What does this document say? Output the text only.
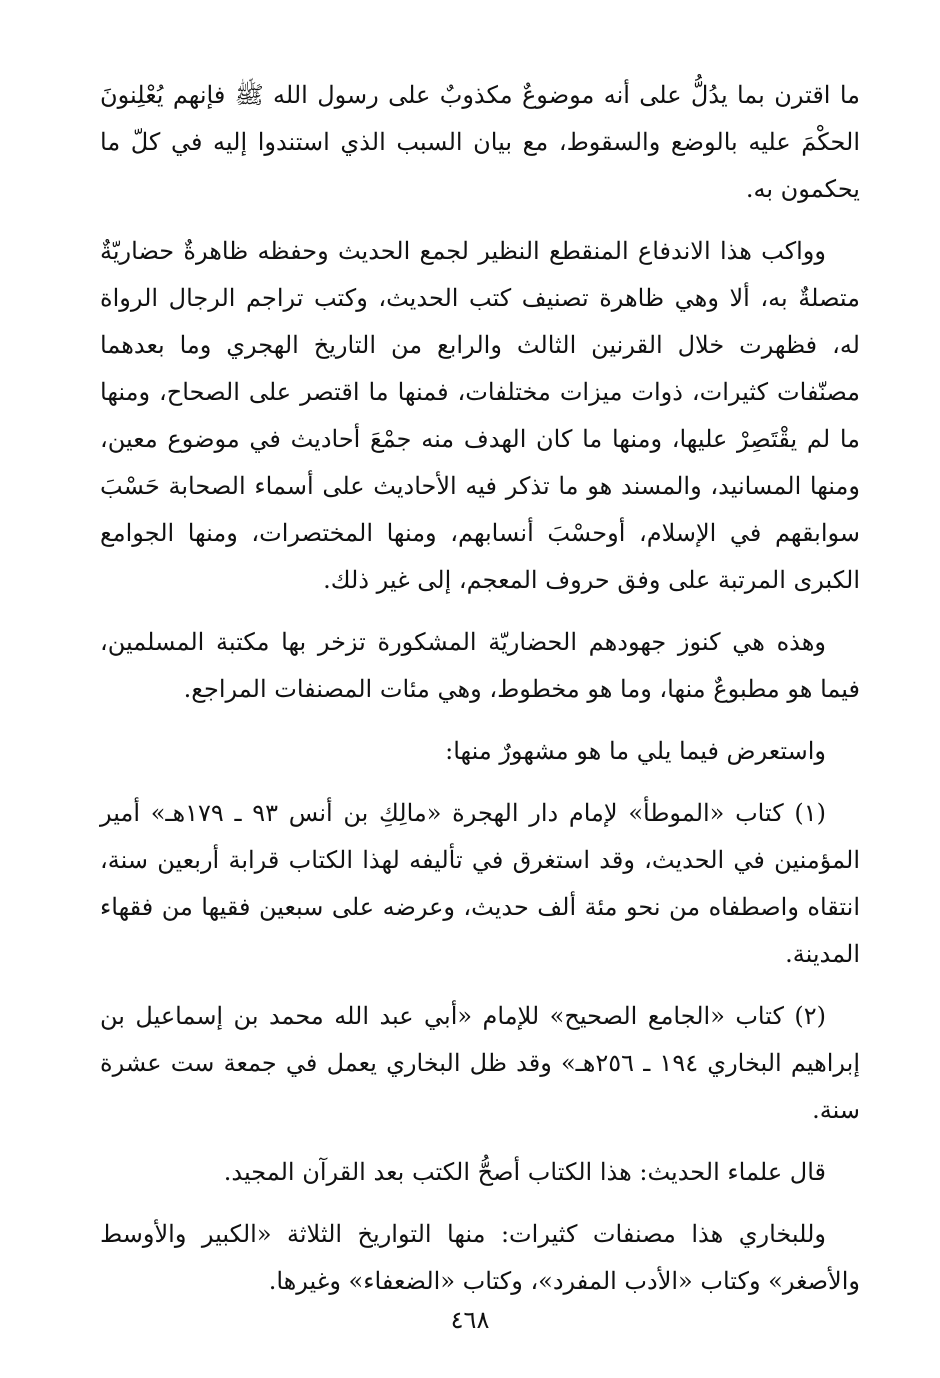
ما اقترن بما يدُلُّ على أنه موضوعٌ مكذوبٌ على رسول الله ﷺ فإنهم يُعْلِنونَ الحكْمَ عليه بالوضع والسقوط، مع بيان السبب الذي استندوا إليه في كلّ ما يحكمون به.

وواكب هذا الاندفاع المنقطع النظير لجمع الحديث وحفظه ظاهرةٌ حضاريّةٌ متصلةٌ به، ألا وهي ظاهرة تصنيف كتب الحديث، وكتب تراجم الرجال الرواة له، فظهرت خلال القرنين الثالث والرابع من التاريخ الهجري وما بعدهما مصنّفات كثيرات، ذوات ميزات مختلفات، فمنها ما اقتصر على الصحاح، ومنها ما لم يقْتَصِرْ عليها، ومنها ما كان الهدف منه جمْعَ أحاديث في موضوع معين، ومنها المسانيد، والمسند هو ما تذكر فيه الأحاديث على أسماء الصحابة حَسْبَ سوابقهم في الإسلام، أوحسْبَ أنسابهم، ومنها المختصرات، ومنها الجوامع الكبرى المرتبة على وفق حروف المعجم، إلى غير ذلك.

وهذه هي كنوز جهودهم الحضاريّة المشكورة تزخر بها مكتبة المسلمين، فيما هو مطبوعٌ منها، وما هو مخطوط، وهي مئات المصنفات المراجع.

واستعرض فيما يلي ما هو مشهورٌ منها:

(١) كتاب «الموطأ» لإمام دار الهجرة «مالِكِ بن أنس ٩٣ ـ ١٧٩هـ» أمير المؤمنين في الحديث، وقد استغرق في تأليفه لهذا الكتاب قرابة أربعين سنة، انتقاه واصطفاه من نحو مئة ألف حديث، وعرضه على سبعين فقيها من فقهاء المدينة.

(٢) كتاب «الجامع الصحيح» للإمام «أبي عبد الله محمد بن إسماعيل بن إبراهيم البخاري ١٩٤ ـ ٢٥٦هـ» وقد ظل البخاري يعمل في جمعة ست عشرة سنة.

قال علماء الحديث: هذا الكتاب أصحُّ الكتب بعد القرآن المجيد.

وللبخاري هذا مصنفات كثيرات: منها التواريخ الثلاثة «الكبير والأوسط والأصغر» وكتاب «الأدب المفرد»، وكتاب «الضعفاء» وغيرها.

٤٦٨
